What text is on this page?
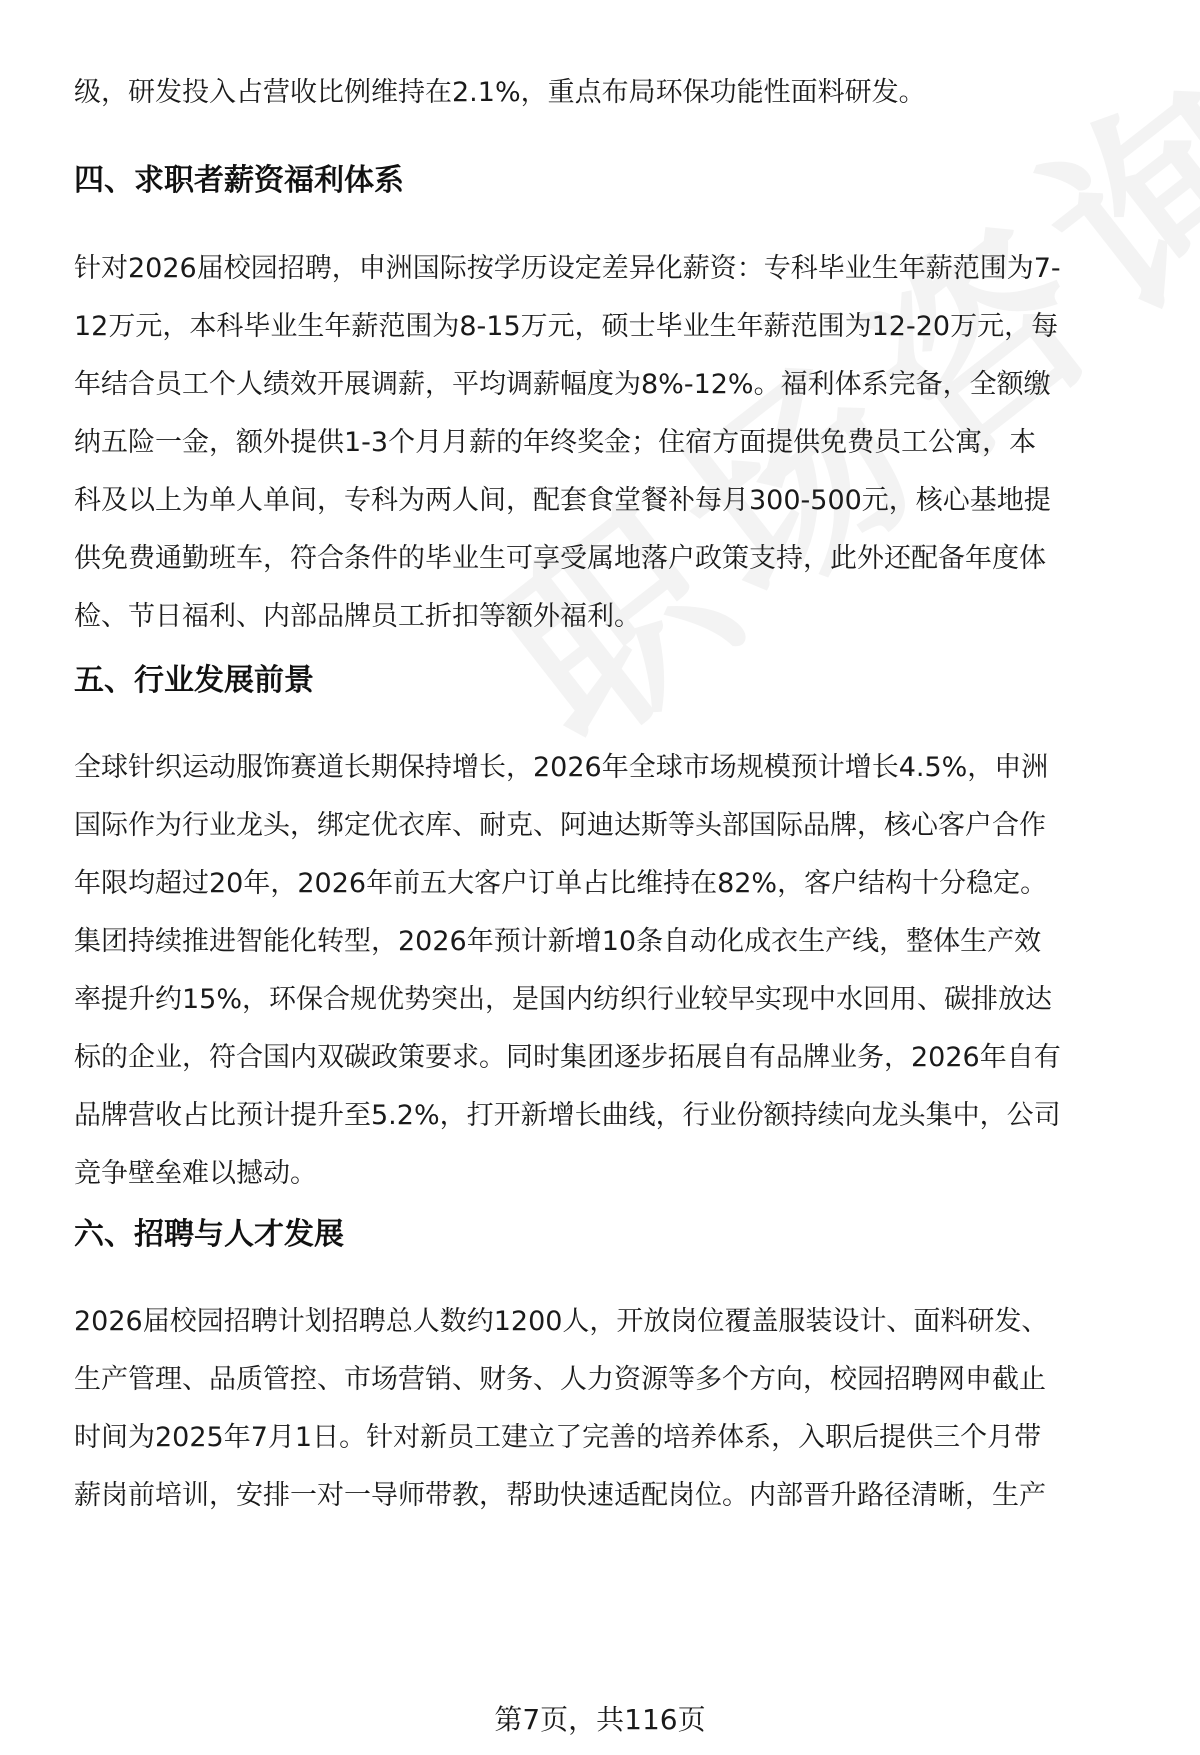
级，研发投入占营收比例维持在2.1%，重点布局环保功能性面料研发。

四、求职者薪资福利体系

针对2026届校园招聘，申洲国际按学历设定差异化薪资：专科毕业生年薪范围为7-
12万元，本科毕业生年薪范围为8-15万元，硕士毕业生年薪范围为12-20万元，每
年结合员工个人绩效开展调薪，平均调薪幅度为8%-12%。福利体系完备，全额缴
纳五险一金，额外提供1-3个月月薪的年终奖金；住宿方面提供免费员工公寓，本
科及以上为单人单间，专科为两人间，配套食堂餐补每月300-500元，核心基地提
供免费通勤班车，符合条件的毕业生可享受属地落户政策支持，此外还配备年度体
检、节日福利、内部品牌员工折扣等额外福利。

五、行业发展前景

全球针织运动服饰赛道长期保持增长，2026年全球市场规模预计增长4.5%，申洲
国际作为行业龙头，绑定优衣库、耐克、阿迪达斯等头部国际品牌，核心客户合作
年限均超过20年，2026年前五大客户订单占比维持在82%，客户结构十分稳定。
集团持续推进智能化转型，2026年预计新增10条自动化成衣生产线，整体生产效
率提升约15%，环保合规优势突出，是国内纺织行业较早实现中水回用、碳排放达
标的企业，符合国内双碳政策要求。同时集团逐步拓展自有品牌业务，2026年自有
品牌营收占比预计提升至5.2%，打开新增长曲线，行业份额持续向龙头集中，公司
竞争壁垒难以撼动。

六、招聘与人才发展

2026届校园招聘计划招聘总人数约1200人，开放岗位覆盖服装设计、面料研发、
生产管理、品质管控、市场营销、财务、人力资源等多个方向，校园招聘网申截止
时间为2025年7月1日。针对新员工建立了完善的培养体系，入职后提供三个月带
薪岗前培训，安排一对一导师带教，帮助快速适配岗位。内部晋升路径清晰，生产

第7页，共116页
